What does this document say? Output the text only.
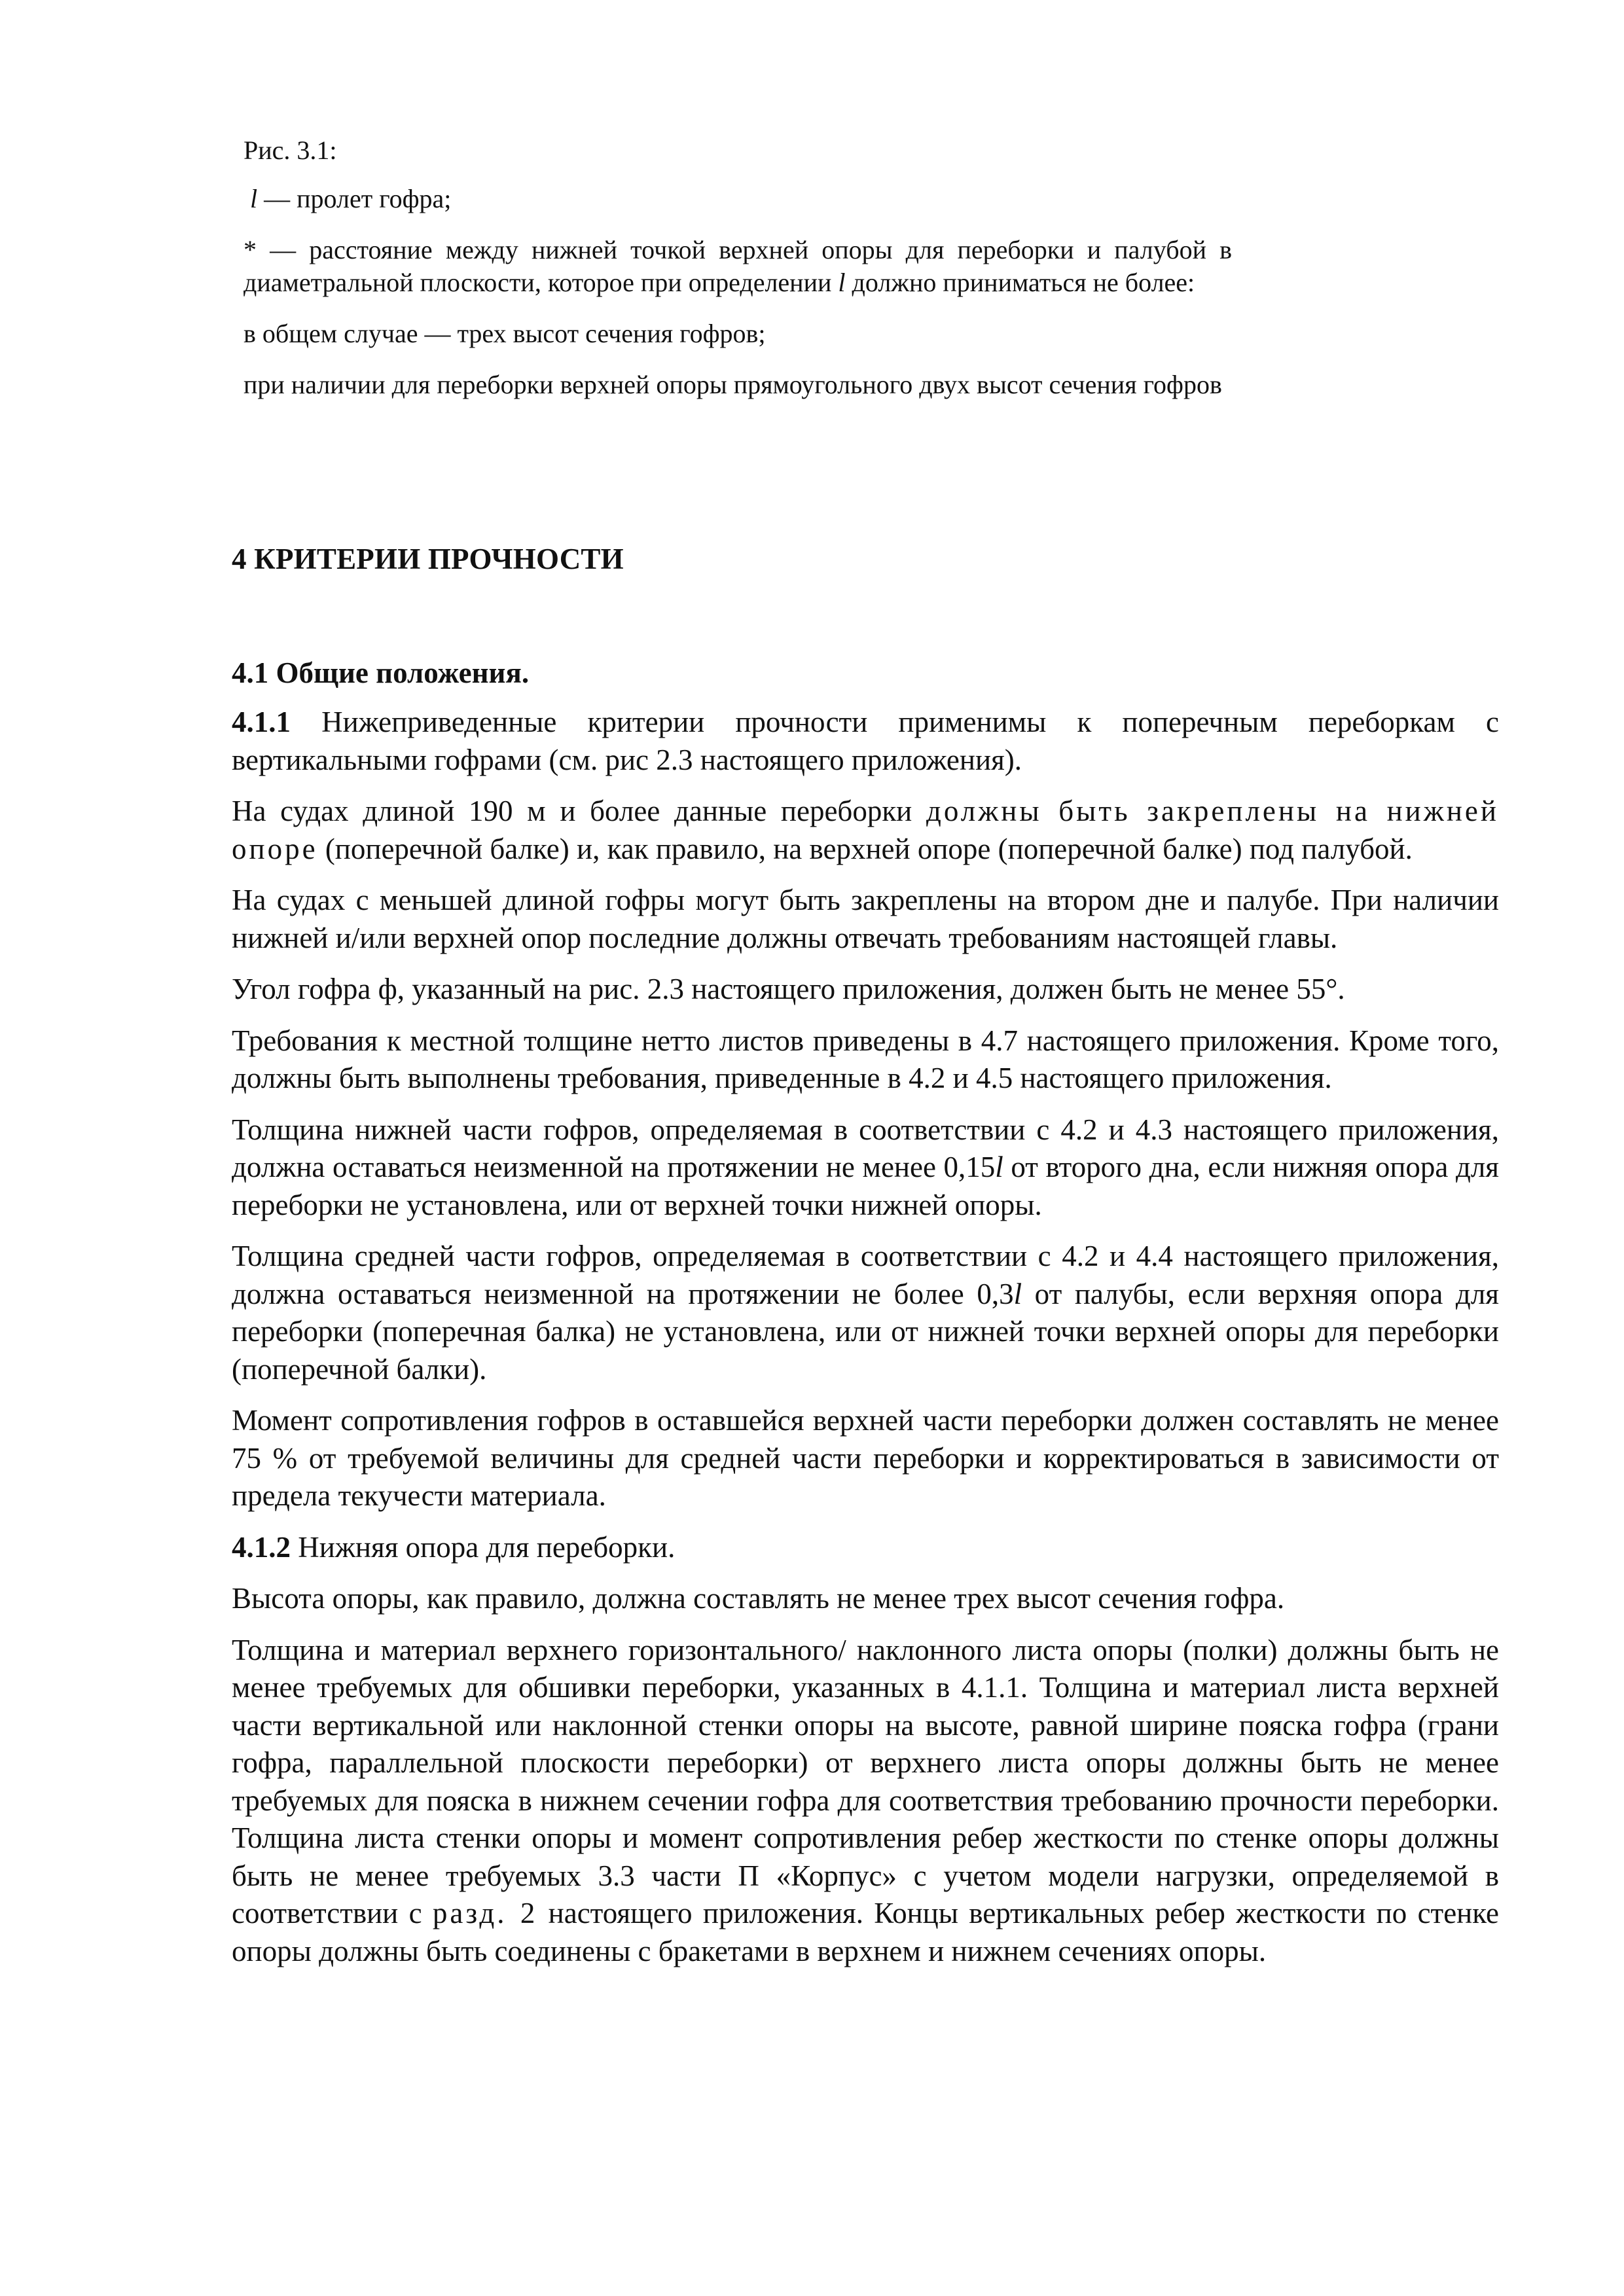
Рис. 3.1:

l — пролет гофра;

* — расстояние между нижней точкой верхней опоры для переборки и палубой в диаметральной плоскости, которое при определении l должно приниматься не более:

в общем случае — трех высот сечения гофров;

при наличии для переборки верхней опоры прямоугольного двух высот сечения гофров

4 КРИТЕРИИ ПРОЧНОСТИ
4.1 Общие положения.

4.1.1 Нижеприведенные критерии прочности применимы к поперечным переборкам с вертикальными гофрами (см. рис 2.3 настоящего приложения).

На судах длиной 190 м и более данные переборки должны быть закреплены на нижней опоре (поперечной балке) и, как правило, на верхней опоре (поперечной балке) под палубой.

На судах с меньшей длиной гофры могут быть закреплены на втором дне и палубе. При наличии нижней и/или верхней опор последние должны отвечать требованиям настоящей главы.

Угол гофра ф, указанный на рис. 2.3 настоящего приложения, должен быть не менее 55°.

Требования к местной толщине нетто листов приведены в 4.7 настоящего приложения. Кроме того, должны быть выполнены требования, приведенные в 4.2 и 4.5 настоящего приложения.

Толщина нижней части гофров, определяемая в соответствии с 4.2 и 4.3 настоящего приложения, должна оставаться неизменной на протяжении не менее 0,15l от второго дна, если нижняя опора для переборки не установлена, или от верхней точки нижней опоры.

Толщина средней части гофров, определяемая в соответствии с 4.2 и 4.4 настоящего приложения, должна оставаться неизменной на протяжении не более 0,3l от палубы, если верхняя опора для переборки (поперечная балка) не установлена, или от нижней точки верхней опоры для переборки (поперечной балки).

Момент сопротивления гофров в оставшейся верхней части переборки должен составлять не менее 75 % от требуемой величины для средней части переборки и корректироваться в зависимости от предела текучести материала.

4.1.2 Нижняя опора для переборки.

Высота опоры, как правило, должна составлять не менее трех высот сечения гофра.

Толщина и материал верхнего горизонтального/ наклонного листа опоры (полки) должны быть не менее требуемых для обшивки переборки, указанных в 4.1.1. Толщина и материал листа верхней части вертикальной или наклонной стенки опоры на высоте, равной ширине пояска гофра (грани гофра, параллельной плоскости переборки) от верхнего листа опоры должны быть не менее требуемых для пояска в нижнем сечении гофра для соответствия требованию прочности переборки. Толщина листа стенки опоры и момент сопротивления ребер жесткости по стенке опоры должны быть не менее требуемых 3.3 части П «Корпус» с учетом модели нагрузки, определяемой в соответствии с разд. 2 настоящего приложения. Концы вертикальных ребер жесткости по стенке опоры должны быть соединены с бракетами в верхнем и нижнем сечениях опоры.
